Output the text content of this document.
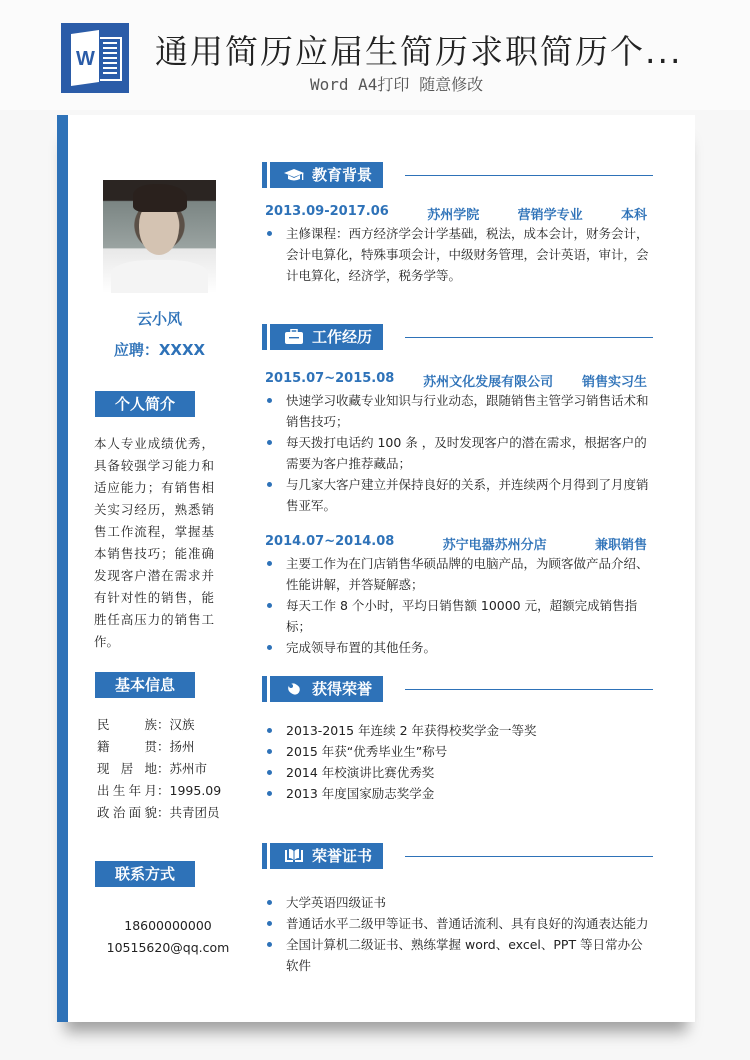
W 通用简历应届生简历求职简历个...
Word A4打印 随意修改
云小风
应聘：XXXX
个人简介
本人专业成绩优秀，具备较强学习能力和适应能力；有销售相关实习经历，熟悉销售工作流程，掌握基本销售技巧；能准确发现客户潜在需求并有针对性的销售，能胜任高压力的销售工作。
基本信息
民族 ： 汉族
籍贯 ： 扬州
现居地 ： 苏州市
出生年月 ： 1995.09
政治面貌 ： 共青团员
联系方式
18600000000
10515620@qq.com
教育背景
2013.09-2017.06	苏州学院	营销学专业	本科
主修课程：西方经济学会计学基础，税法，成本会计，财务会计，会计电算化，特殊事项会计，中级财务管理，会计英语，审计，会计电算化，经济学，税务学等。
工作经历
2015.07~2015.08 苏州文化发展有限公司 销售实习生
快速学习收藏专业知识与行业动态，跟随销售主管学习销售话术和销售技巧；
每天拨打电话约 100 条 ，及时发现客户的潜在需求，根据客户的需要为客户推荐藏品；
与几家大客户建立并保持良好的关系，并连续两个月得到了月度销售亚军。
2014.07~2014.08	苏宁电器苏州分店	兼职销售
主要工作为在门店销售华硕品牌的电脑产品，为顾客做产品介绍、性能讲解，并答疑解惑；
每天工作 8 个小时，平均日销售额 10000 元，超额完成销售指标；
完成领导布置的其他任务。
获得荣誉
2013-2015 年连续 2 年获得校奖学金一等奖
2015 年获“优秀毕业生”称号
2014 年校演讲比赛优秀奖
2013 年度国家励志奖学金
荣誉证书
大学英语四级证书
普通话水平二级甲等证书、普通话流利、具有良好的沟通表达能力
全国计算机二级证书、熟练掌握 word、excel、PPT 等日常办公软件
